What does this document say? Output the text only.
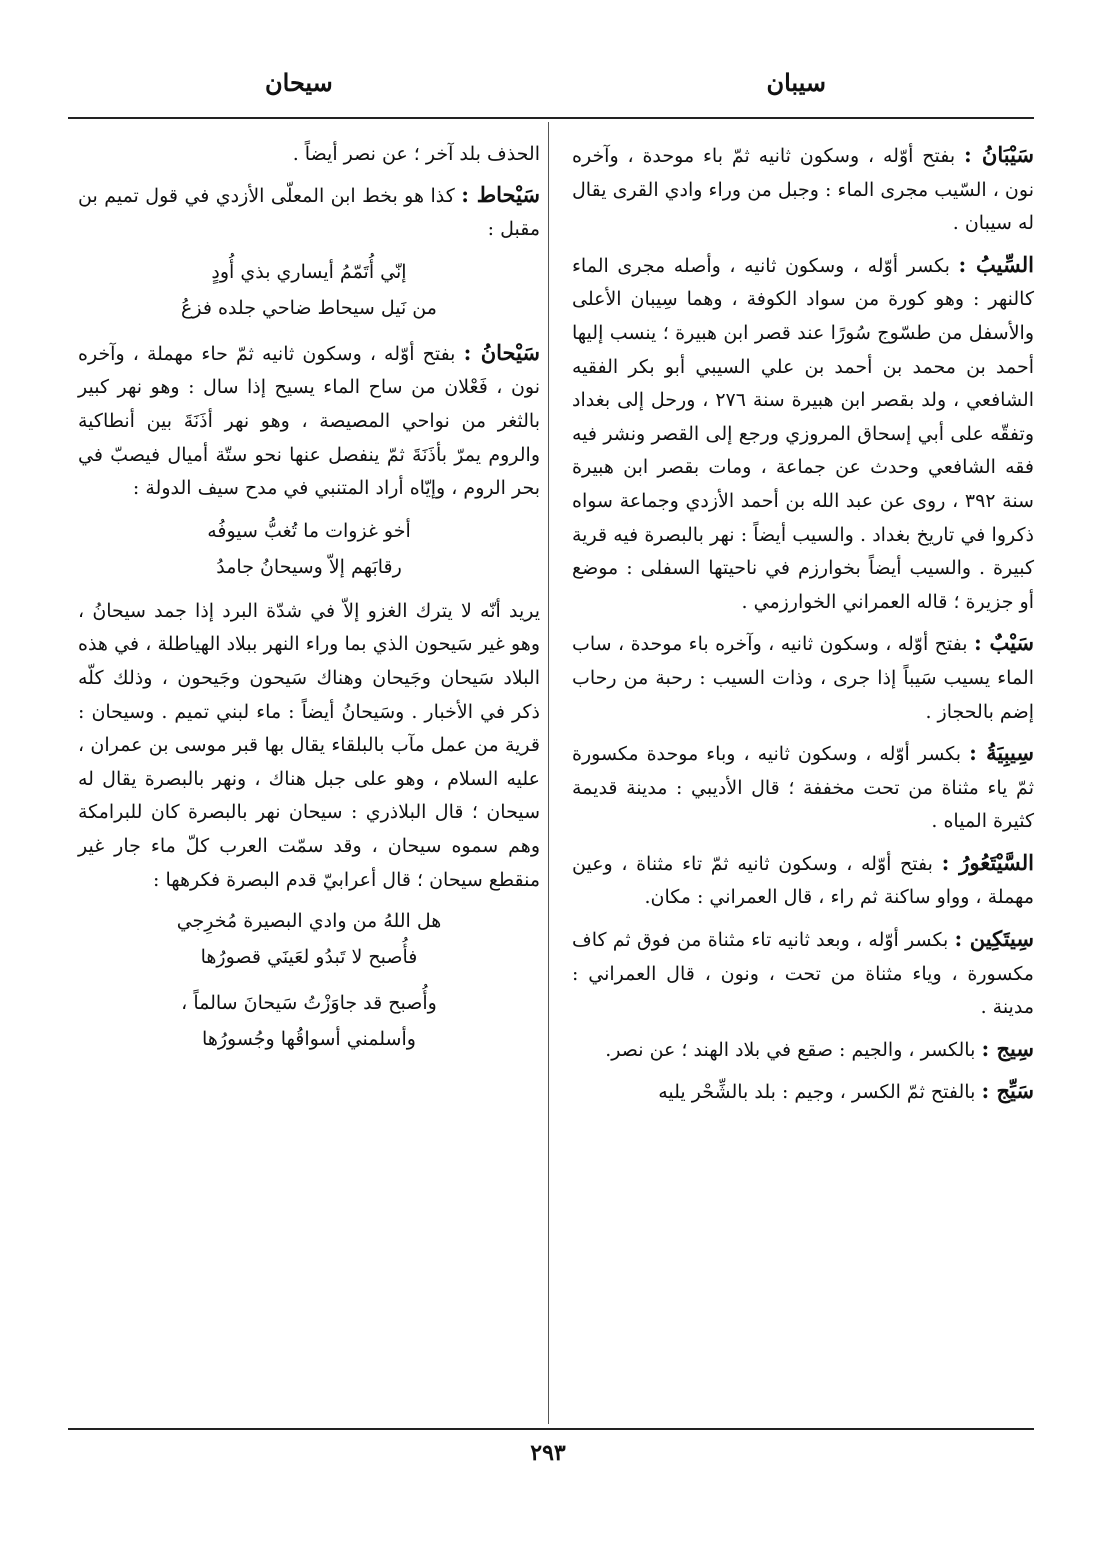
سيبان
سيحان

سَيْبَانُ : بفتح أوّله ، وسكون ثانيه ثمّ باء موحدة ، وآخره نون ، السّيب مجرى الماء : وجبل من وراء وادي القرى يقال له سيبان .

السِّيبُ : بكسر أوّله ، وسكون ثانيه ، وأصله مجرى الماء كالنهر : وهو كورة من سواد الكوفة ، وهما سِيبان الأعلى والأسفل من طسّوج سُورًا عند قصر ابن هبيرة ؛ ينسب إليها أحمد بن محمد بن أحمد بن علي السيبي أبو بكر الفقيه الشافعي ، ولد بقصر ابن هبيرة سنة ٢٧٦ ، ورحل إلى بغداد وتفقّه على أبي إسحاق المروزي ورجع إلى القصر ونشر فيه فقه الشافعي وحدث عن جماعة ، ومات بقصر ابن هبيرة سنة ٣٩٢ ، روى عن عبد الله بن أحمد الأزدي وجماعة سواه ذكروا في تاريخ بغداد . والسيب أيضاً : نهر بالبصرة فيه قرية كبيرة . والسيب أيضاً بخوارزم في ناحيتها السفلى : موضع أو جزيرة ؛ قاله العمراني الخوارزمي .

سَيْبٌ : بفتح أوّله ، وسكون ثانيه ، وآخره باء موحدة ، ساب الماء يسيب سَيباً إذا جرى ، وذات السيب : رحبة من رحاب إضم بالحجاز .

سِيبِيَةُ : بكسر أوّله ، وسكون ثانيه ، وباء موحدة مكسورة ثمّ ياء مثناة من تحت مخففة ؛ قال الأديبي : مدينة قديمة كثيرة المياه .

السَّيْتَعُورُ : بفتح أوّله ، وسكون ثانيه ثمّ تاء مثناة ، وعين مهملة ، وواو ساكنة ثم راء ، قال العمراني : مكان.

سِيتَكِين : بكسر أوّله ، وبعد ثانيه تاء مثناة من فوق ثم كاف مكسورة ، وياء مثناة من تحت ، ونون ، قال العمراني : مدينة .

سِيج : بالكسر ، والجيم : صقع في بلاد الهند ؛ عن نصر.

سَيِّج : بالفتح ثمّ الكسر ، وجيم : بلد بالشِّحْر يليه

الحذف بلد آخر ؛ عن نصر أيضاً .

سَيْحاط : كذا هو بخط ابن المعلّى الأزدي في قول تميم بن مقبل :

إنّي أُتَمّمُ أيساري بذي أُودٍ
من نَيل سيحاط ضاحي جلده فزعُ

سَيْحانُ : بفتح أوّله ، وسكون ثانيه ثمّ حاء مهملة ، وآخره نون ، فَعْلان من ساح الماء يسيح إذا سال : وهو نهر كبير بالثغر من نواحي المصيصة ، وهو نهر أذَنَةَ بين أنطاكية والروم يمرّ بأذَنَةَ ثمّ ينفصل عنها نحو ستّة أميال فيصبّ في بحر الروم ، وإيّاه أراد المتنبي في مدح سيف الدولة :

أخو غزوات ما تُغبُّ سيوفُه
رقابَهم إلاّ وسيحانُ جامدُ

يريد أنّه لا يترك الغزو إلاّ في شدّة البرد إذا جمد سيحانُ ، وهو غير سَيحون الذي بما وراء النهر ببلاد الهياطلة ، في هذه البلاد سَيحان وجَيحان وهناك سَيحون وجَيحون ، وذلك كلّه ذكر في الأخبار . وسَيحانُ أيضاً : ماء لبني تميم . وسيحان : قرية من عمل مآب بالبلقاء يقال بها قبر موسى بن عمران ، عليه السلام ، وهو على جبل هناك ، ونهر بالبصرة يقال له سيحان ؛ قال البلاذري : سيحان نهر بالبصرة كان للبرامكة وهم سموه سيحان ، وقد سمّت العرب كلّ ماء جار غير منقطع سيحان ؛ قال أعرابيّ قدم البصرة فكرهها :

هل اللهُ من وادي البصيرة مُخرِجي
فأُصبح لا تَبدُو لعَينَي قصورُها
وأُصبح قد جاوَزْتُ سَيحانَ سالماً ،
وأسلمني أسواقُها وجُسورُها
٢٩٣
